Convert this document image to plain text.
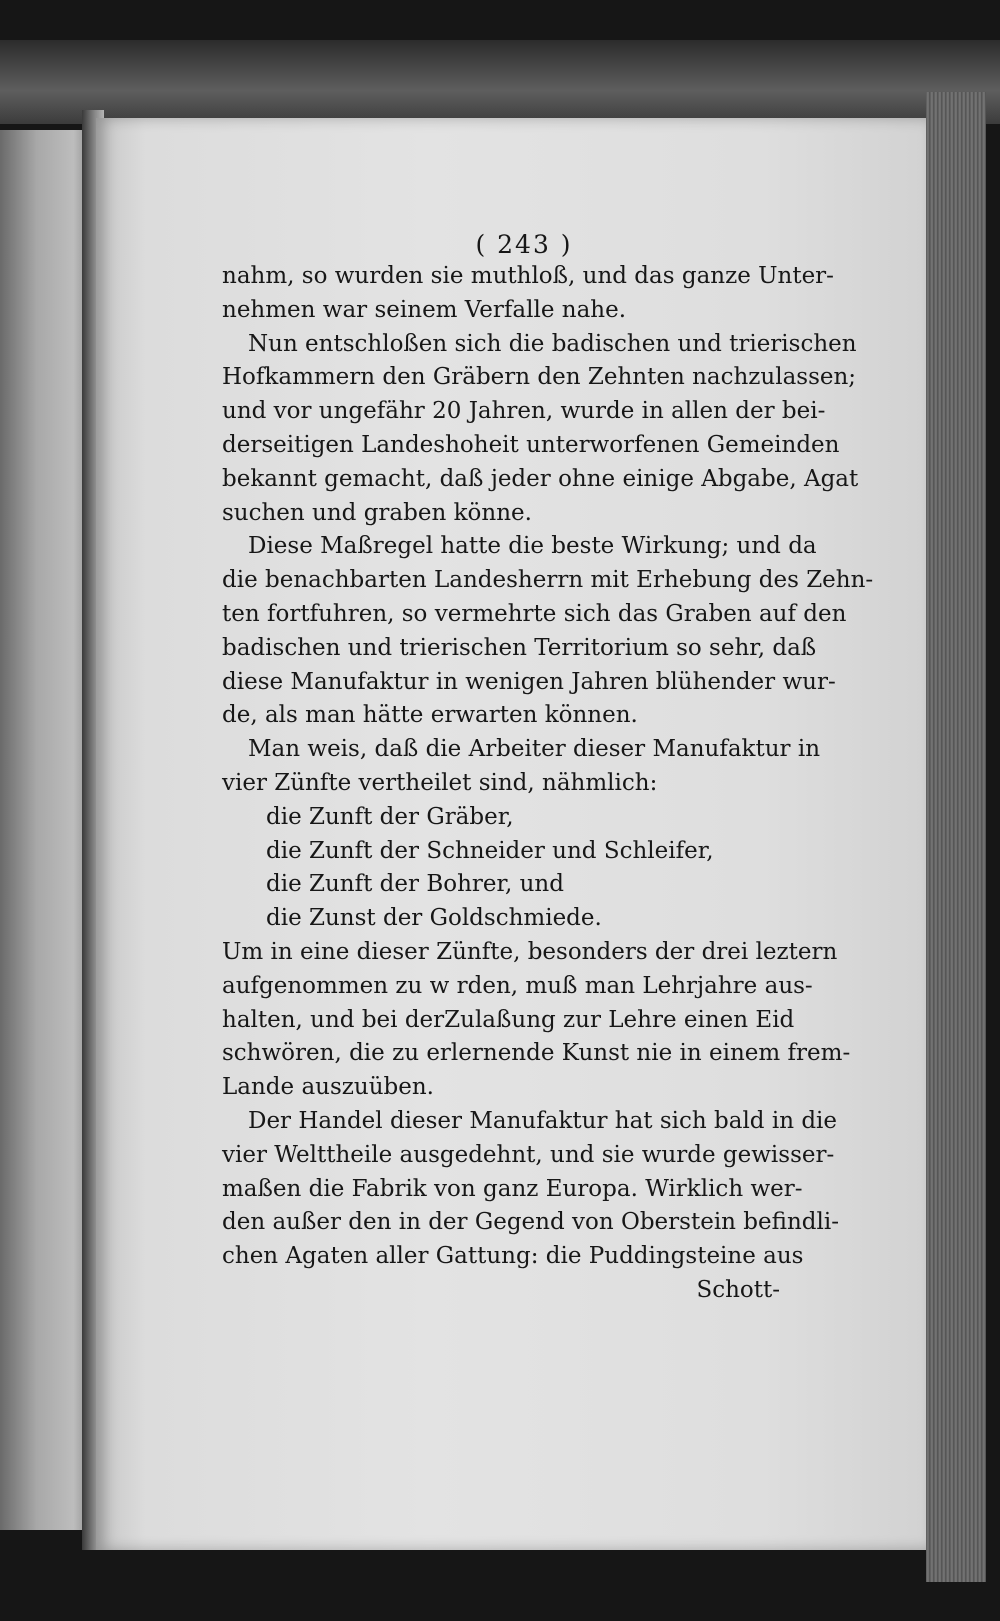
( 243 )
nahm, so wurden sie muthloß, und das ganze Unter-
nehmen war seinem Verfalle nahe.
Nun entschloßen sich die badischen und trierischen
Hofkammern den Gräbern den Zehnten nachzulassen;
und vor ungefähr 20 Jahren, wurde in allen der bei-
derseitigen Landeshoheit unterworfenen Gemeinden
bekannt gemacht, daß jeder ohne einige Abgabe, Agat
suchen und graben könne.
Diese Maßregel hatte die beste Wirkung; und da
die benachbarten Landesherrn mit Erhebung des Zehn-
ten fortfuhren, so vermehrte sich das Graben auf den
badischen und trierischen Territorium so sehr, daß
diese Manufaktur in wenigen Jahren blühender wur-
de, als man hätte erwarten können.
Man weis, daß die Arbeiter dieser Manufaktur in
vier Zünfte vertheilet sind, nähmlich:
die Zunft der Gräber,
die Zunft der Schneider und Schleifer,
die Zunft der Bohrer, und
die Zunst der Goldschmiede.
Um in eine dieser Zünfte, besonders der drei leztern
aufgenommen zu w rden, muß man Lehrjahre aus-
halten, und bei derZulaßung zur Lehre einen Eid
schwören, die zu erlernende Kunst nie in einem frem-
Lande auszuüben.
Der Handel dieser Manufaktur hat sich bald in die
vier Welttheile ausgedehnt, und sie wurde gewisser-
maßen die Fabrik von ganz Europa. Wirklich wer-
den außer den in der Gegend von Oberstein befindli-
chen Agaten aller Gattung: die Puddingsteine aus
Schott-
